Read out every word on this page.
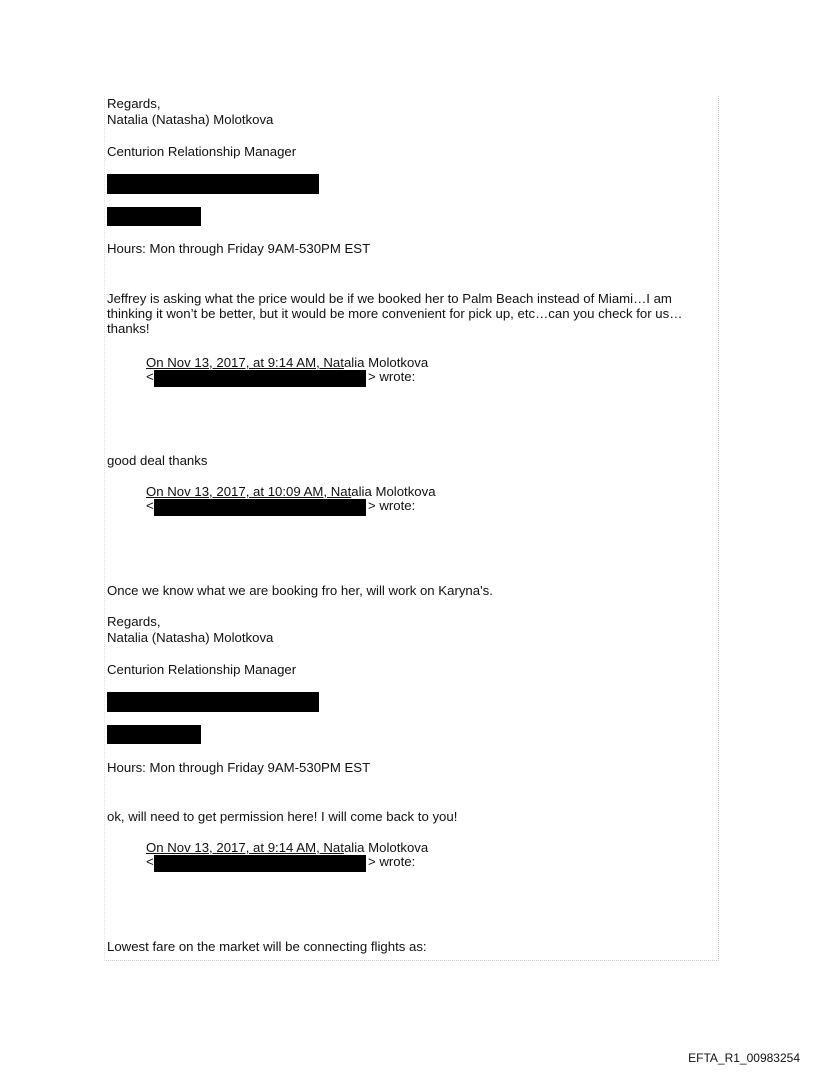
Regards,
Natalia (Natasha) Molotkova
Centurion Relationship Manager
Hours: Mon through Friday 9AM-530PM EST
Jeffrey is asking what the price would be if we booked her to Palm Beach instead of Miami…I am thinking it won’t be better, but it would be more convenient for pick up, etc…can you check for us…thanks!
On Nov 13, 2017, at 9:14 AM, Natalia Molotkova
<	> wrote:
good deal thanks
On Nov 13, 2017, at 10:09 AM, Natalia Molotkova
<	> wrote:
Once we know what we are booking fro her, will work on Karyna's.
Regards,
Natalia (Natasha) Molotkova
Centurion Relationship Manager
Hours: Mon through Friday 9AM-530PM EST
ok, will need to get permission here! I will come back to you!
On Nov 13, 2017, at 9:14 AM, Natalia Molotkova
<	> wrote:
Lowest fare on the market will be connecting flights as:
EFTA_R1_00983254
